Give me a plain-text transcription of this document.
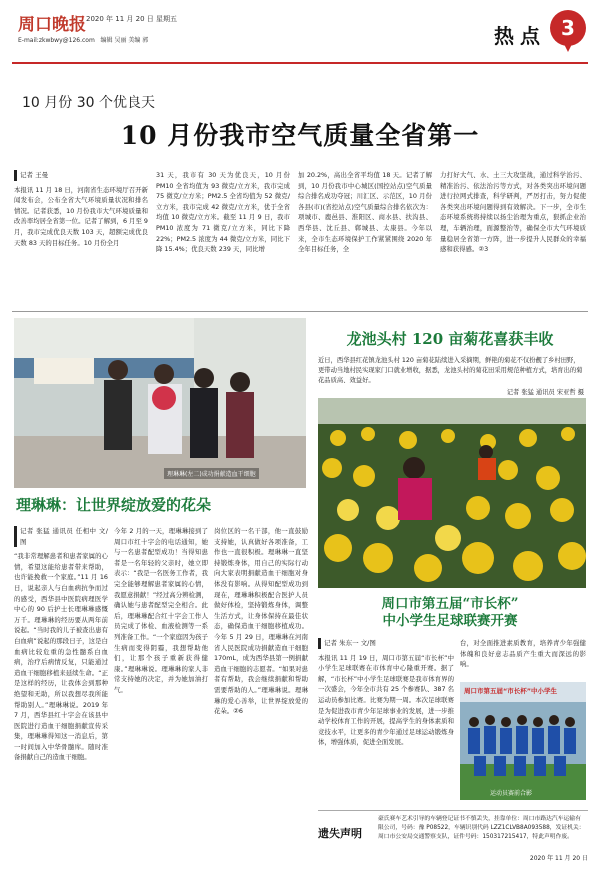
周口晚报 2020 年 11 月 20 日 星期五
E-mail:zkwbwy@126.com 编辑 吴丽 美编 郭	热点 3
10 月份 30 个优良天
10 月份我市空气质量全省第一
记者 王曼
本报讯 11 月 18 日，河南省生态环境厅召开新闻发布会，公布全省大气环境质量状况和排名情况。记者获悉，10 月份我市大气环境质量和改善率均居全省第一位。记者了解到，6 月至 9 月，我市完成优良天数 103 天，超额完成优良天数 83 天的目标任务。10 月份全月
31 天，我市有 30 天为优良天，10 月份 PM10 全省均值为 93 微克/立方米，我市完成 75 微克/立方米；PM2.5 全省均值为 52 微克/立方米，我市完成 42 微克/立方米，优于全省均值 10 微克/立方米。截至 11 月 9 日，我市 PM10 浓度为 71 微克/立方米，同比下降 22%；PM2.5 浓度为 44 微克/立方米，同比下降 15.4%；优良天数 239 天，同比增
加 20.2%，高出全省平均值 18 天。记者了解到，10 月份我市中心城区(国控站点)空气质量综合排名成功夺冠；川汇区、示范区，10 月份各县(市)(省控站点)空气质量综合排名依次为：项城市、鹿邑县、淮阳区、商水县、扶沟县、西华县、沈丘县、郸城县、太康县。今年以来，全市生态环境保护工作紧紧围绕 2020 年全年目标任务，全
力打好大气、水、土三大攻坚战，通过科学治污、精准治污、依法治污等方式，对各类突出环境问题进行拉网式排查，科学研判，严厉打击，努力促使各类突出环境问题得到有效解决。下一步，全市生态环境系统将持续以扬尘治理为重点，狠抓企业治理，车辆治理，面源整治等，确保全市大气环境质量稳居全省第一方阵，进一步提升人民群众的幸福感和获得感。②3
理琳琳(左二)成功捐献造血干细胞
理琳琳：让世界绽放爱的花朵
记者 张猛 通讯员 任相中 文/图
“我非常理解患者和患者家属的心情，希望这能给患者带来帮助，也许能挽救一个家庭。”11 月 16 日，说起亲人与白血病抗争而过的感受，西华县中医院病理医学中心的 90 后护士长理琳琳感慨万千。理琳琳的经历要从两年前说起。“当时我的儿子被查出患有白血病”说起的那段日子，这是白血病比较危重的急性髓系白血病，治疗后病情反复，只能通过造血干细胞移植来延续生命。“正是这样的经历，让我体会到那种绝望和无助，所以我想尽我所能帮助别人。”理琳琳说。2019 年 7 月，西华县红十字会在该县中医院进行造血干细胞捐献宣传采集，理琳琳得知这一消息后，第一时间加入中华骨髓库。随时准备捐献自己的造血干细胞。
今年 2 月的一天，理琳琳接到了周口市红十字会的电话通知，她与一名患者配型成功！当得知患者是一名年轻的父亲时，她立即表示：“我是一名医务工作者，我完全能够理解患者家属的心情，我愿意捐献！”经过高分辨检测，确认她与患者配型完全相合。此后，理琳琳配合红十字会工作人员完成了体检、血液检测等一系列准备工作。“一个家庭因为孩子生病而变得阴霾，我想帮助他们，让那个孩子重新获得健康。”理琳琳说。理琳琳的家人非常支持她的决定，并为她加油打气。
岗位区的一名干部，他一直鼓励支持她，认真做好各项准备，工作也一直很积极。理琳琳一直坚持锻炼身体，用自己的实际行动向大家表明捐献造血干细胞对身体没有影响。从得知配型成功到现在，理琳琳积极配合医护人员做好体检，坚持锻炼身体，调整生活方式，让身体保持在最佳状态，确保造血干细胞移植成功。今年 5 月 29 日，理琳琳在河南省人民医院成功捐献造血干细胞 170mL，成为西华县第一例捐献造血干细胞的志愿者。“如果对患者有帮助，我会继续捐献和帮助需要帮助的人。”理琳琳说。理琳琳的爱心善举，让世界绽放爱的花朵。②6
龙池头村 120 亩菊花喜获丰收
近日，西华县红花镇龙池头村 120 亩菊花陆续进入采摘期，鲜艳的菊花不仅扮靓了乡村田野，更带动当地村民实现家门口就业增收，据悉，龙池头村的菊花田采用规范种植方式，培育出的菊花品质高、效益好。
记者 张猛 通讯员 宋亚哲 摄
周口市第五届“市长杯”
中小学生足球联赛开赛
记者 朱东一 文/图
本报讯 11 月 19 日，周口市第五届“市长杯”中小学生足球联赛在市体育中心隆重开赛。据了解，“市长杯”中小学生足球联赛是我市体育界的一次盛会，今年全市共有 25 个参赛队、387 名运动员参加比赛。比赛为期一周。本次足球联赛是为促进我市青少年足球事业的发展，进一步推动学校体育工作的开展，提高学生的身体素质和竞技水平，让更多的青少年通过足球运动锻炼身体，增强体质，促进全面发展。
台，对全面推进素质教育，培养青少年强健体魄和良好意志品质产生重大而深远的影响。
周口市第五届“市长杯”中小学生
运动员赛前合影
遗失声明
豪氏赛车艺术引导的车辆登记证书不慎丢失，挂靠单位：周口市路达汽车运输有限公司，号码：豫 P08522，车辆识别代码 LZZ1CLVB8A093588，发证机关：周口市公安局交通警察支队，证件号码：150317215417，特此声明作废。
2020 年 11 月 20 日
